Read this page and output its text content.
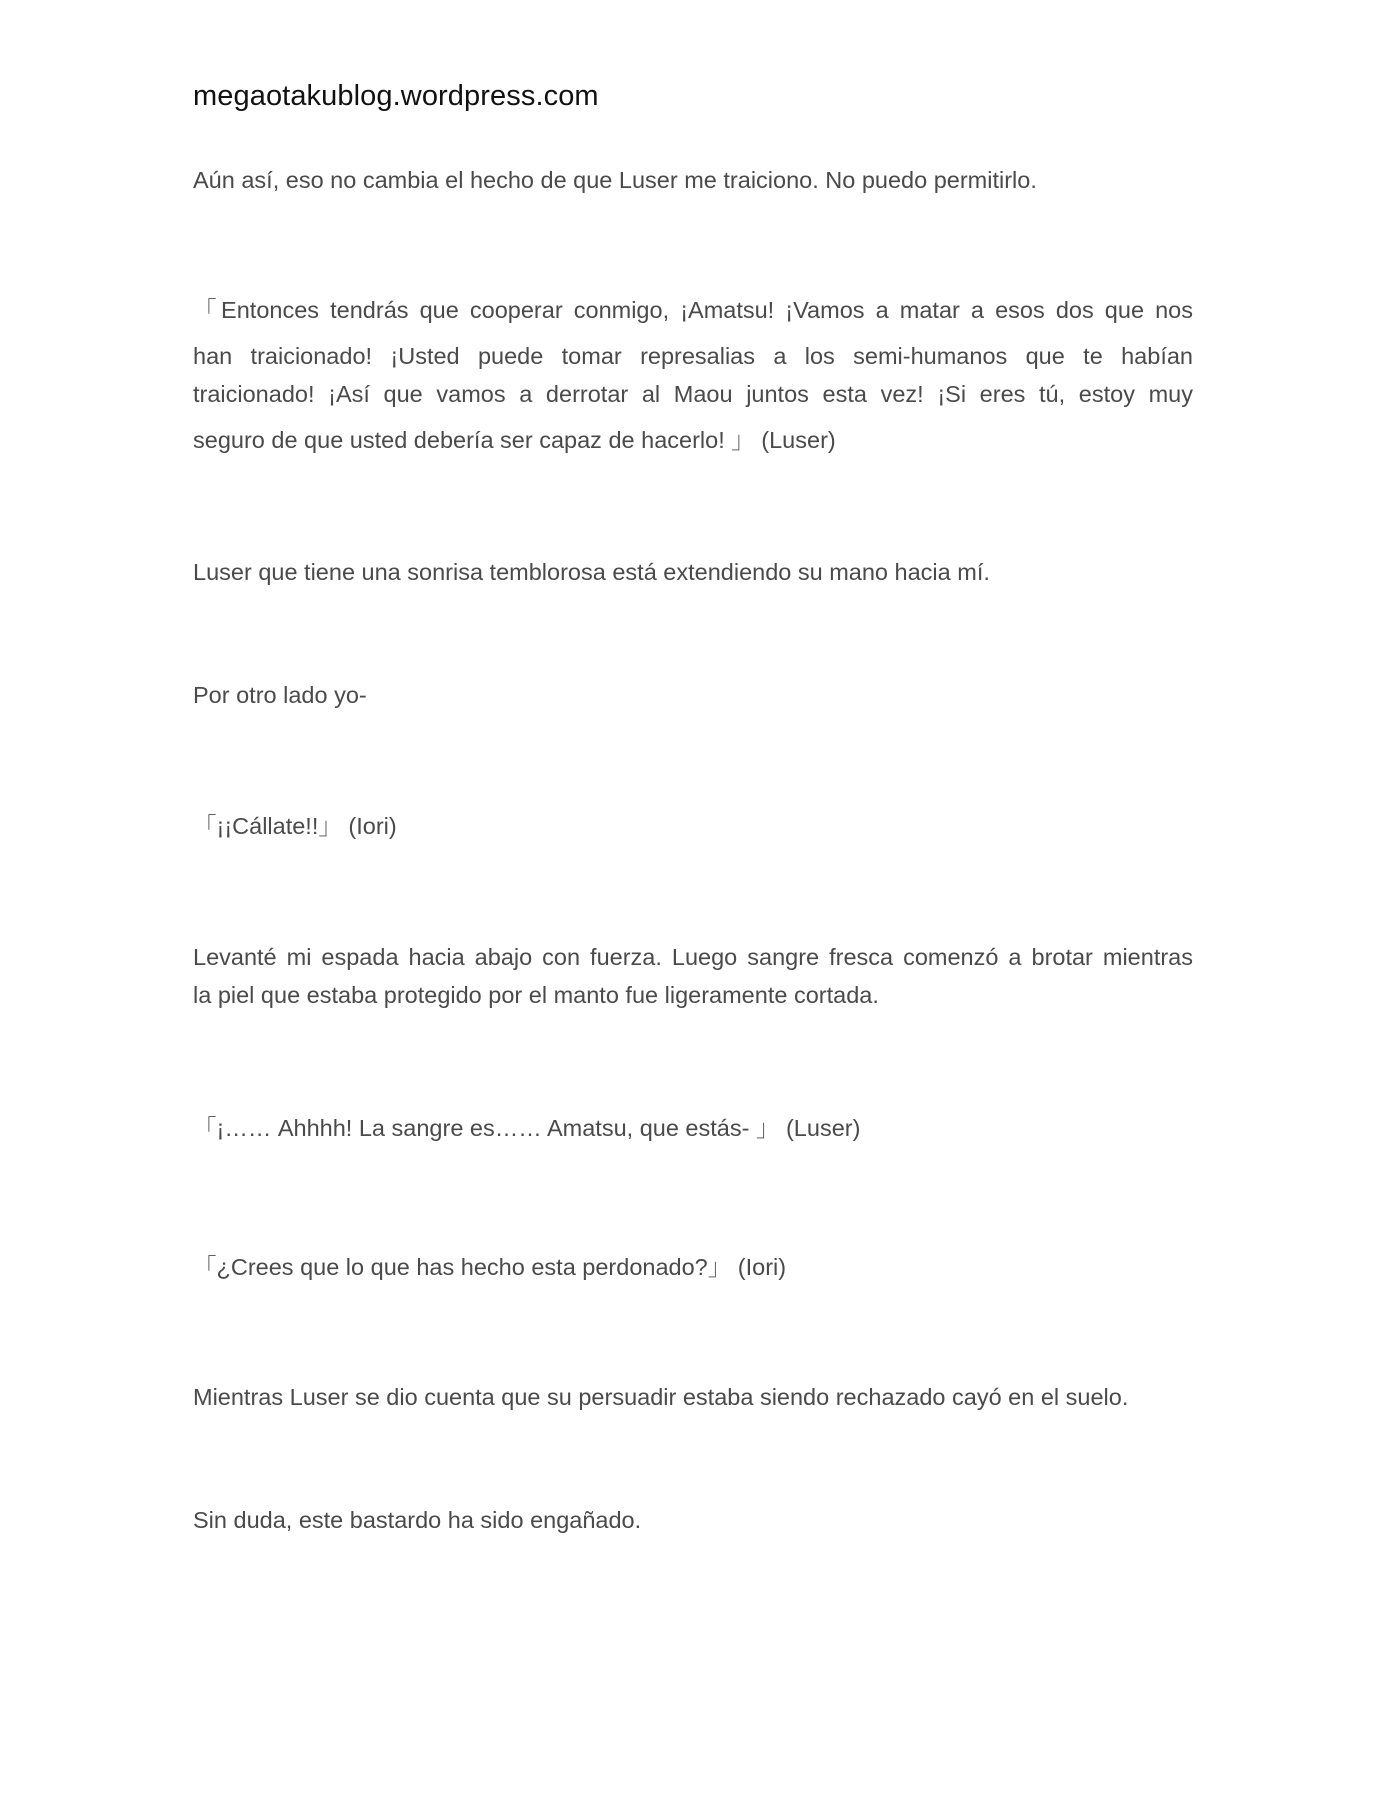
megaotakublog.wordpress.com
Aún así, eso no cambia el hecho de que Luser me traiciono. No puedo permitirlo.
「Entonces tendrás que cooperar conmigo, ¡Amatsu! ¡Vamos a matar a esos dos que nos
han traicionado! ¡Usted puede tomar represalias a los semi-humanos que te habían
traicionado! ¡Así que vamos a derrotar al Maou juntos esta vez! ¡Si eres tú, estoy muy
seguro de que usted debería ser capaz de hacerlo! 」 (Luser)
Luser que tiene una sonrisa temblorosa está extendiendo su mano hacia mí.
Por otro lado yo-
「¡¡Cállate!!」 (Iori)
Levanté mi espada hacia abajo con fuerza. Luego sangre fresca comenzó a brotar mientras
la piel que estaba protegido por el manto fue ligeramente cortada.
「¡…… Ahhhh! La sangre es…… Amatsu, que estás- 」 (Luser)
「¿Crees que lo que has hecho esta perdonado?」 (Iori)
Mientras Luser se dio cuenta que su persuadir estaba siendo rechazado cayó en el suelo.
Sin duda, este bastardo ha sido engañado.
